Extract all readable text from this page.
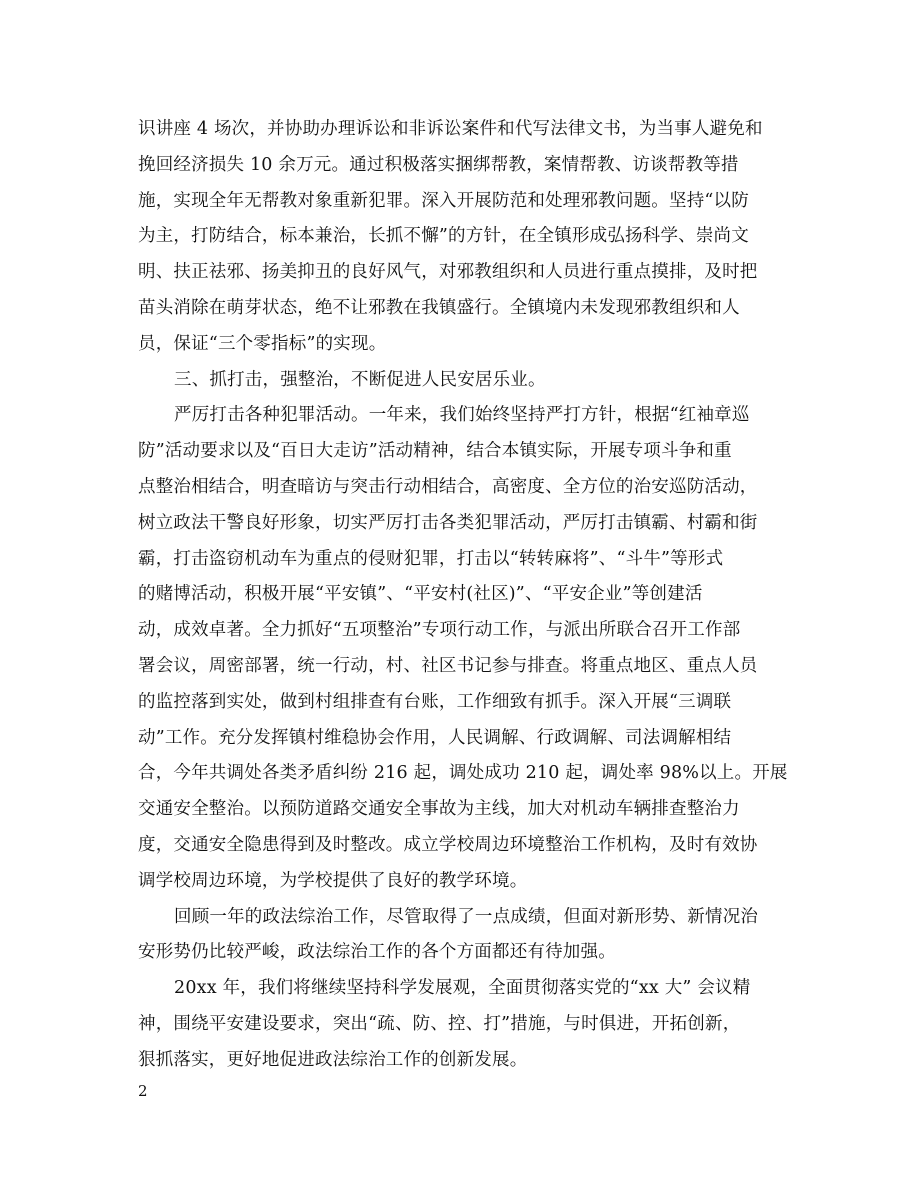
识讲座 4 场次，并协助办理诉讼和非诉讼案件和代写法律文书，为当事人避免和
挽回经济损失 10 余万元。通过积极落实捆绑帮教，案情帮教、访谈帮教等措
施，实现全年无帮教对象重新犯罪。深入开展防范和处理邪教问题。坚持“以防
为主，打防结合，标本兼治，长抓不懈”的方针，在全镇形成弘扬科学、崇尚文
明、扶正祛邪、扬美抑丑的良好风气，对邪教组织和人员进行重点摸排，及时把
苗头消除在萌芽状态，绝不让邪教在我镇盛行。全镇境内未发现邪教组织和人
员，保证“三个零指标”的实现。
三、抓打击，强整治，不断促进人民安居乐业。
严厉打击各种犯罪活动。一年来，我们始终坚持严打方针，根据“红袖章巡
防”活动要求以及“百日大走访”活动精神，结合本镇实际，开展专项斗争和重
点整治相结合，明查暗访与突击行动相结合，高密度、全方位的治安巡防活动，
树立政法干警良好形象，切实严厉打击各类犯罪活动，严厉打击镇霸、村霸和街
霸，打击盗窃机动车为重点的侵财犯罪，打击以“转转麻将”、“斗牛”等形式
的赌博活动，积极开展“平安镇”、“平安村(社区)”、“平安企业”等创建活
动，成效卓著。全力抓好“五项整治”专项行动工作，与派出所联合召开工作部
署会议，周密部署，统一行动，村、社区书记参与排查。将重点地区、重点人员
的监控落到实处，做到村组排查有台账，工作细致有抓手。深入开展“三调联
动”工作。充分发挥镇村维稳协会作用，人民调解、行政调解、司法调解相结
合，今年共调处各类矛盾纠纷 216 起，调处成功 210 起，调处率 98%以上。开展
交通安全整治。以预防道路交通安全事故为主线，加大对机动车辆排查整治力
度，交通安全隐患得到及时整改。成立学校周边环境整治工作机构，及时有效协
调学校周边环境，为学校提供了良好的教学环境。
回顾一年的政法综治工作，尽管取得了一点成绩，但面对新形势、新情况治
安形势仍比较严峻，政法综治工作的各个方面都还有待加强。
20xx 年，我们将继续坚持科学发展观，全面贯彻落实党的“xx 大” 会议精
神，围绕平安建设要求，突出“疏、防、控、打”措施，与时俱进，开拓创新，
狠抓落实，更好地促进政法综治工作的创新发展。
2
